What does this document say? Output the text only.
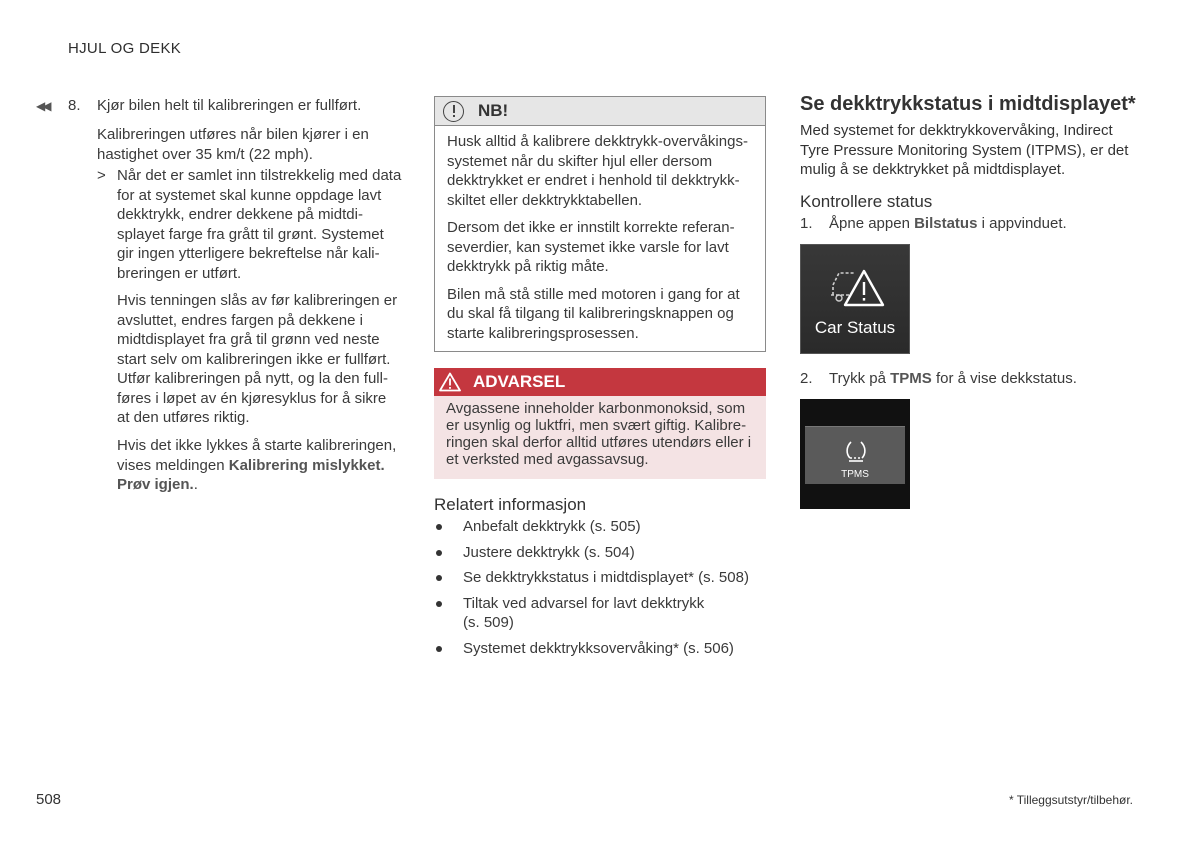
HJUL OG DEKK
◀◀ 8. Kjør bilen helt til kalibreringen er fullført.

Kalibreringen utføres når bilen kjører i en hastighet over 35 km/t (22 mph).

> Når det er samlet inn tilstrekkelig med data for at systemet skal kunne oppdage lavt dekktrykk, endrer dekkene på midtdisplayet farge fra grått til grønt. Systemet gir ingen ytterligere bekreftelse når kalibreringen er utført.

Hvis tenningen slås av før kalibreringen er avsluttet, endres fargen på dekkene i midtdisplayet fra grå til grønn ved neste start selv om kalibreringen ikke er fullført. Utfør kalibreringen på nytt, og la den fullføres i løpet av én kjøresyklus for å sikre at den utføres riktig.

Hvis det ikke lykkes å starte kalibreringen, vises meldingen Kalibrering mislykket. Prøv igjen..

NB!

Husk alltid å kalibrere dekktrykk-overvåkingssystemet når du skifter hjul eller dersom dekktrykket er endret i henhold til dekktrykkskiltet eller dekktrykktabellen.

Dersom det ikke er innstilt korrekte referanseverdier, kan systemet ikke varsle for lavt dekktrykk på riktig måte.

Bilen må stå stille med motoren i gang for at du skal få tilgang til kalibreringsknappen og starte kalibreringsprosessen.

ADVARSEL

Avgassene inneholder karbonmonoksid, som er usynlig og luktfri, men svært giftig. Kalibreringen skal derfor alltid utføres utendørs eller i et verksted med avgassavsug.

Relatert informasjon
Anbefalt dekktrykk (s. 505)
Justere dekktrykk (s. 504)
Se dekktrykkstatus i midtdisplayet* (s. 508)
Tiltak ved advarsel for lavt dekktrykk (s. 509)
Systemet dekktrykksovervåking* (s. 506)
Se dekktrykkstatus i midtdisplayet*

Med systemet for dekktrykkovervåking, Indirect Tyre Pressure Monitoring System (ITPMS), er det mulig å se dekktrykket på midtdisplayet.

Kontrollere status
1. Åpne appen Bilstatus i appvinduet.
Car Status
2. Trykk på TPMS for å vise dekkstatus.
TPMS
508	* Tilleggsutstyr/tilbehør.
